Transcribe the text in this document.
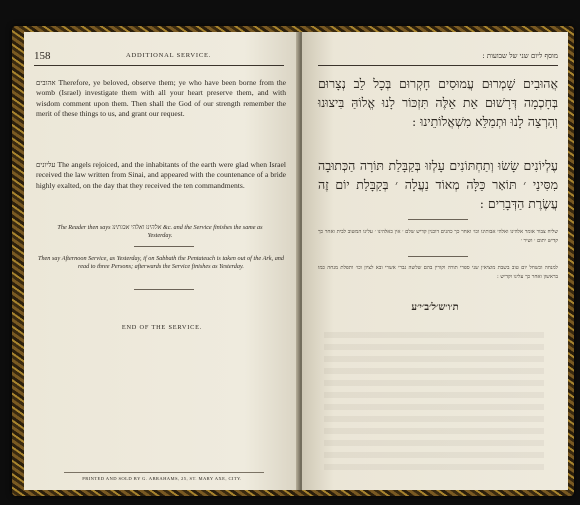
158	ADDITIONAL SERVICE.
אהובים Therefore, ye beloved, observe them; ye who have been borne from the womb (Israel) investigate them with all your heart preserve them, and with wisdom comment upon them. Then shall the God of our strength remember the merit of these things to us, and grant our request.
עליונים The angels rejoiced, and the inhabitants of the earth were glad when Israel received the law written from Sinai, and appeared with the countenance of a bride highly exalted, on the day that they received the ten commandments.
The Reader then says אלהינו ואלהי אבותינו &c. and the Service finishes the same as Yesterday.
Then say Afternoon Service, as Yesterday, if on Sabbath the Pentateuch is taken out of the Ark, and read to three Persons; afterwards the Service finishes as Yesterday.
END OF THE SERVICE.
PRINTED AND SOLD BY G. ABRAHAMS, 25, ST. MARY AXE, CITY.
מוסף ליום שני של שבועות :
אֲהוּבִים שָׁמְרוּם עֲמוּסִים חָקְרוּם בְּכָל לֵב נְצָרוּם בְּחָכְמָה דְּרָשׁוּם אֵת אֵלֶּה תִּזְכּוֹר לָנוּ אֱלוֹהַּ בִּיצוּנוּ וְהַרְצֵה לָנוּ וּתְמַלֵּא מִשְׁאֲלוֹתֵינוּ :
עֶלְיוֹנִים שָׂשׂוּ וְתַחְתּוֹנִים עָלְזוּ בְּקַבָּלַת תּוֹרָה הַכְּתוּבָה מִסִּינַי ׳ תּוֹאַר כַּלָּה מְאוֹד נַעֲלָה ׳ בְּקַבָּלַת יוֹם זֶה עֲשֶׂרֶת הַדְּבָרִים :
שליח צבור אומר אלהינו ואלהי אבותינו וכו׳ ואחר כך כהנים דוכנין קדיש שלם ׳ אין כאלהינו ׳ עלינו המשוב לבית ואחר כך קדיש יתום ׳ ושיר ׳
למנחה וכשחל יום טוב בשבת מוציאין שני ספרי תורה וקורין בהם שלשה גברי אשרי ובא לציון וכו׳ ותפלת מנחה כמו בראשון ואחר כך עלינו וקדיש :
ת׳ו׳ש׳ל׳ב׳י׳ע
